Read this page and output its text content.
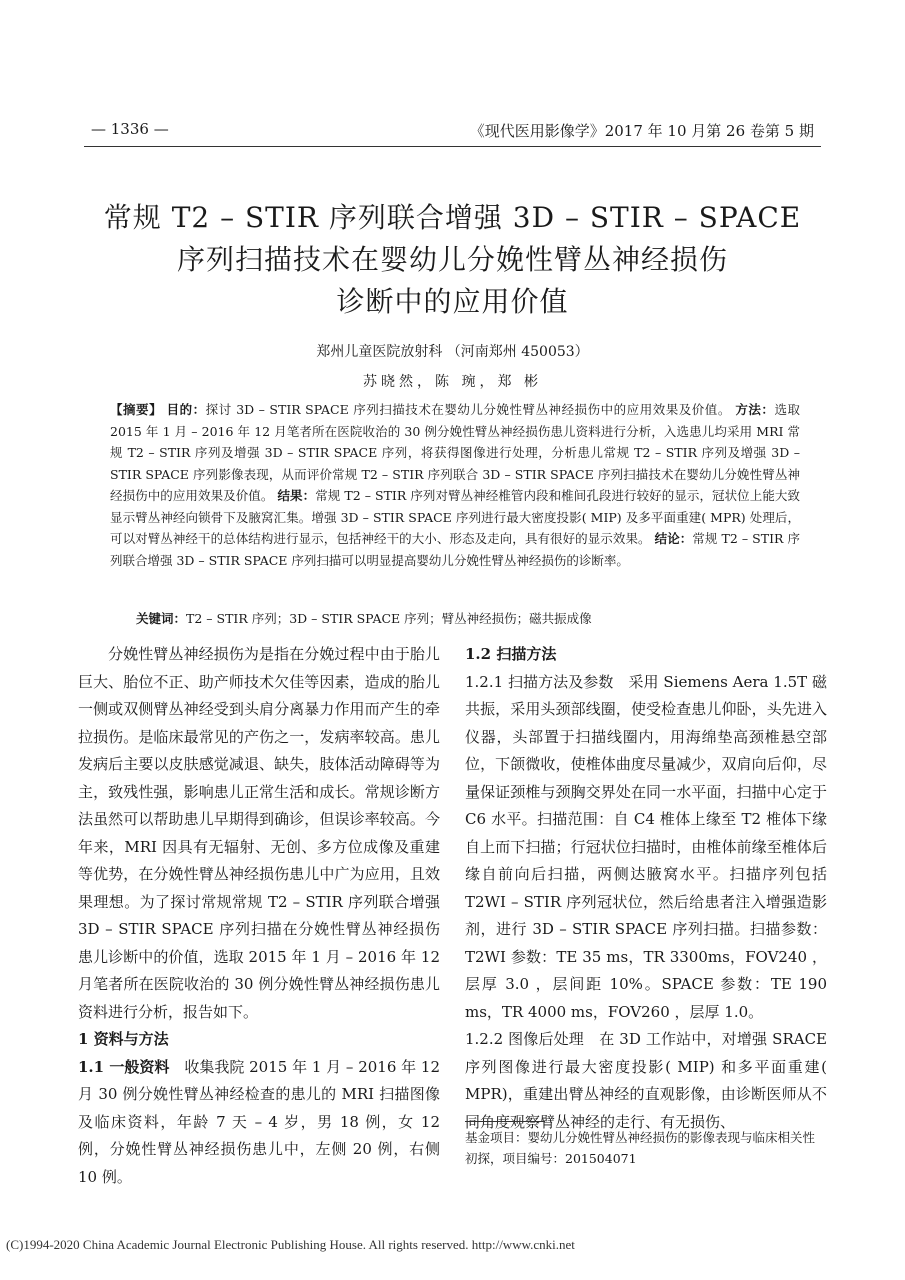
— 1336 —	《现代医用影像学》2017 年 10 月第 26 卷第 5 期
常规 T2 – STIR 序列联合增强 3D – STIR – SPACE
序列扫描技术在婴幼儿分娩性臂丛神经损伤
诊断中的应用价值
郑州儿童医院放射科 （河南郑州 450053）
苏晓然，陈 琬，郑 彬
【摘要】 目的：探讨 3D – STIR SPACE 序列扫描技术在婴幼儿分娩性臂丛神经损伤中的应用效果及价值。 方法：选取 2015 年 1 月 – 2016 年 12 月笔者所在医院收治的 30 例分娩性臂丛神经损伤患儿资料进行分析，入选患儿均采用 MRI 常规 T2 – STIR 序列及增强 3D – STIR SPACE 序列，将获得图像进行处理，分析患儿常规 T2 – STIR 序列及增强 3D – STIR SPACE 序列影像表现，从而评价常规 T2 – STIR 序列联合 3D – STIR SPACE 序列扫描技术在婴幼儿分娩性臂丛神经损伤中的应用效果及价值。 结果：常规 T2 – STIR 序列对臂丛神经椎管内段和椎间孔段进行较好的显示，冠状位上能大致显示臂丛神经向锁骨下及腋窝汇集。增强 3D – STIR SPACE 序列进行最大密度投影( MIP) 及多平面重建( MPR) 处理后，可以对臂丛神经干的总体结构进行显示，包括神经干的大小、形态及走向，具有很好的显示效果。 结论：常规 T2 – STIR 序列联合增强 3D – STIR SPACE 序列扫描可以明显提高婴幼儿分娩性臂丛神经损伤的诊断率。
关键词：T2 – STIR 序列；3D – STIR SPACE 序列；臂丛神经损伤；磁共振成像

分娩性臂丛神经损伤为是指在分娩过程中由于胎儿巨大、胎位不正、助产师技术欠佳等因素，造成的胎儿一侧或双侧臂丛神经受到头肩分离暴力作用而产生的牵拉损伤。是临床最常见的产伤之一，发病率较高。患儿发病后主要以皮肤感觉减退、缺失，肢体活动障碍等为主，致残性强，影响患儿正常生活和成长。常规诊断方法虽然可以帮助患儿早期得到确诊，但误诊率较高。今年来，MRI 因具有无辐射、无创、多方位成像及重建等优势，在分娩性臂丛神经损伤患儿中广为应用，且效果理想。为了探讨常规常规 T2 – STIR 序列联合增强 3D – STIR SPACE 序列扫描在分娩性臂丛神经损伤患儿诊断中的价值，选取 2015 年 1 月 – 2016 年 12 月笔者所在医院收治的 30 例分娩性臂丛神经损伤患儿资料进行分析，报告如下。

1 资料与方法

1.1 一般资料　 收集我院 2015 年 1 月 – 2016 年 12 月 30 例分娩性臂丛神经检查的患儿的 MRI 扫描图像及临床资料，年龄 7 天 – 4 岁，男 18 例，女 12 例，分娩性臂丛神经损伤患儿中，左侧 20 例，右侧 10 例。

1.2 扫描方法

1.2.1 扫描方法及参数　 采用 Siemens Aera 1.5T 磁共振，采用头颈部线圈，使受检查患儿仰卧，头先进入仪器，头部置于扫描线圈内，用海绵垫高颈椎悬空部位，下颌微收，使椎体曲度尽量减少，双肩向后仰，尽量保证颈椎与颈胸交界处在同一水平面，扫描中心定于 C6 水平。扫描范围：自 C4 椎体上缘至 T2 椎体下缘自上而下扫描；行冠状位扫描时，由椎体前缘至椎体后缘自前向后扫描，两侧达腋窝水平。扫描序列包括 T2WI – STIR 序列冠状位，然后给患者注入增强造影剂，进行 3D – STIR SPACE 序列扫描。扫描参数：T2WI 参数：TE 35 ms，TR 3300ms，FOV240 ，层厚 3.0 ，层间距 10%。SPACE 参数：TE 190 ms，TR 4000 ms，FOV260 ，层厚 1.0。

1.2.2 图像后处理　 在 3D 工作站中，对增强 SRACE 序列图像进行最大密度投影( MIP) 和多平面重建( MPR)，重建出臂丛神经的直观影像，由诊断医师从不同角度观察臂丛神经的走行、有无损伤、

基金项目：婴幼儿分娩性臂丛神经损伤的影像表现与临床相关性初探，项目编号：201504071
(C)1994-2020 China Academic Journal Electronic Publishing House. All rights reserved. http://www.cnki.net
